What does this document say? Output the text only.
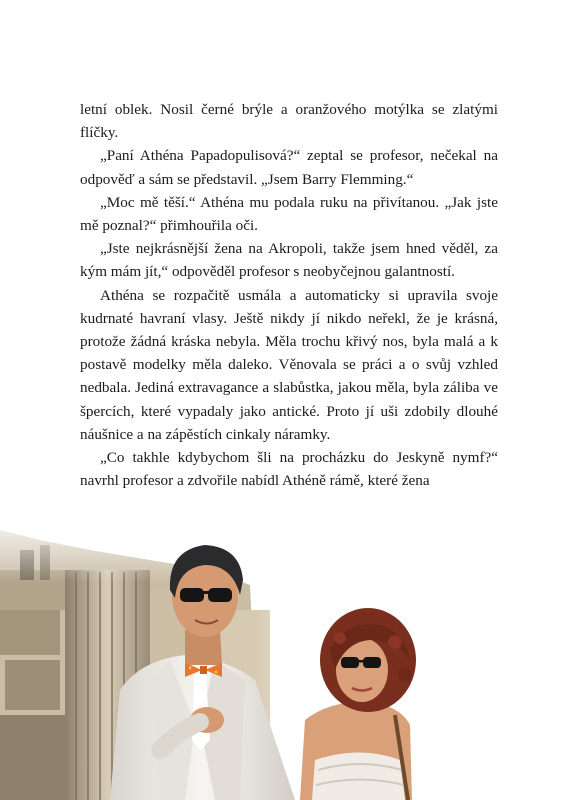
letní oblek. Nosil černé brýle a oranžového motýlka se zlatými flíčky.

„Paní Athéna Papadopulisová?“ zeptal se profesor, nečekal na odpověď a sám se představil. „Jsem Barry Flemming.“

„Moc mě těší.“ Athéna mu podala ruku na přivítanou. „Jak jste mě poznal?“ přimhouřila oči.

„Jste nejkrásnější žena na Akropoli, takže jsem hned věděl, za kým mám jít,“ odpověděl profesor s neobyčejnou galantností.

Athéna se rozpačitě usmála a automaticky si upravila svoje kudrnaté havraní vlasy. Ještě nikdy jí nikdo neřekl, že je krásná, protože žádná kráska nebyla. Měla trochu křivý nos, byla malá a k postavě modelky měla daleko. Věnovala se práci a o svůj vzhled nedbala. Jediná extravagance a slabůstka, jakou měla, byla záliba ve špercích, které vypadaly jako antické. Proto jí uši zdobily dlouhé náušnice a na zápěstích cinkaly náramky.

„Co takhle kdybychom šli na procházku do Jeskyně nymf?“ navrhl profesor a zdvořile nabídl Athéně rámě, které žena
